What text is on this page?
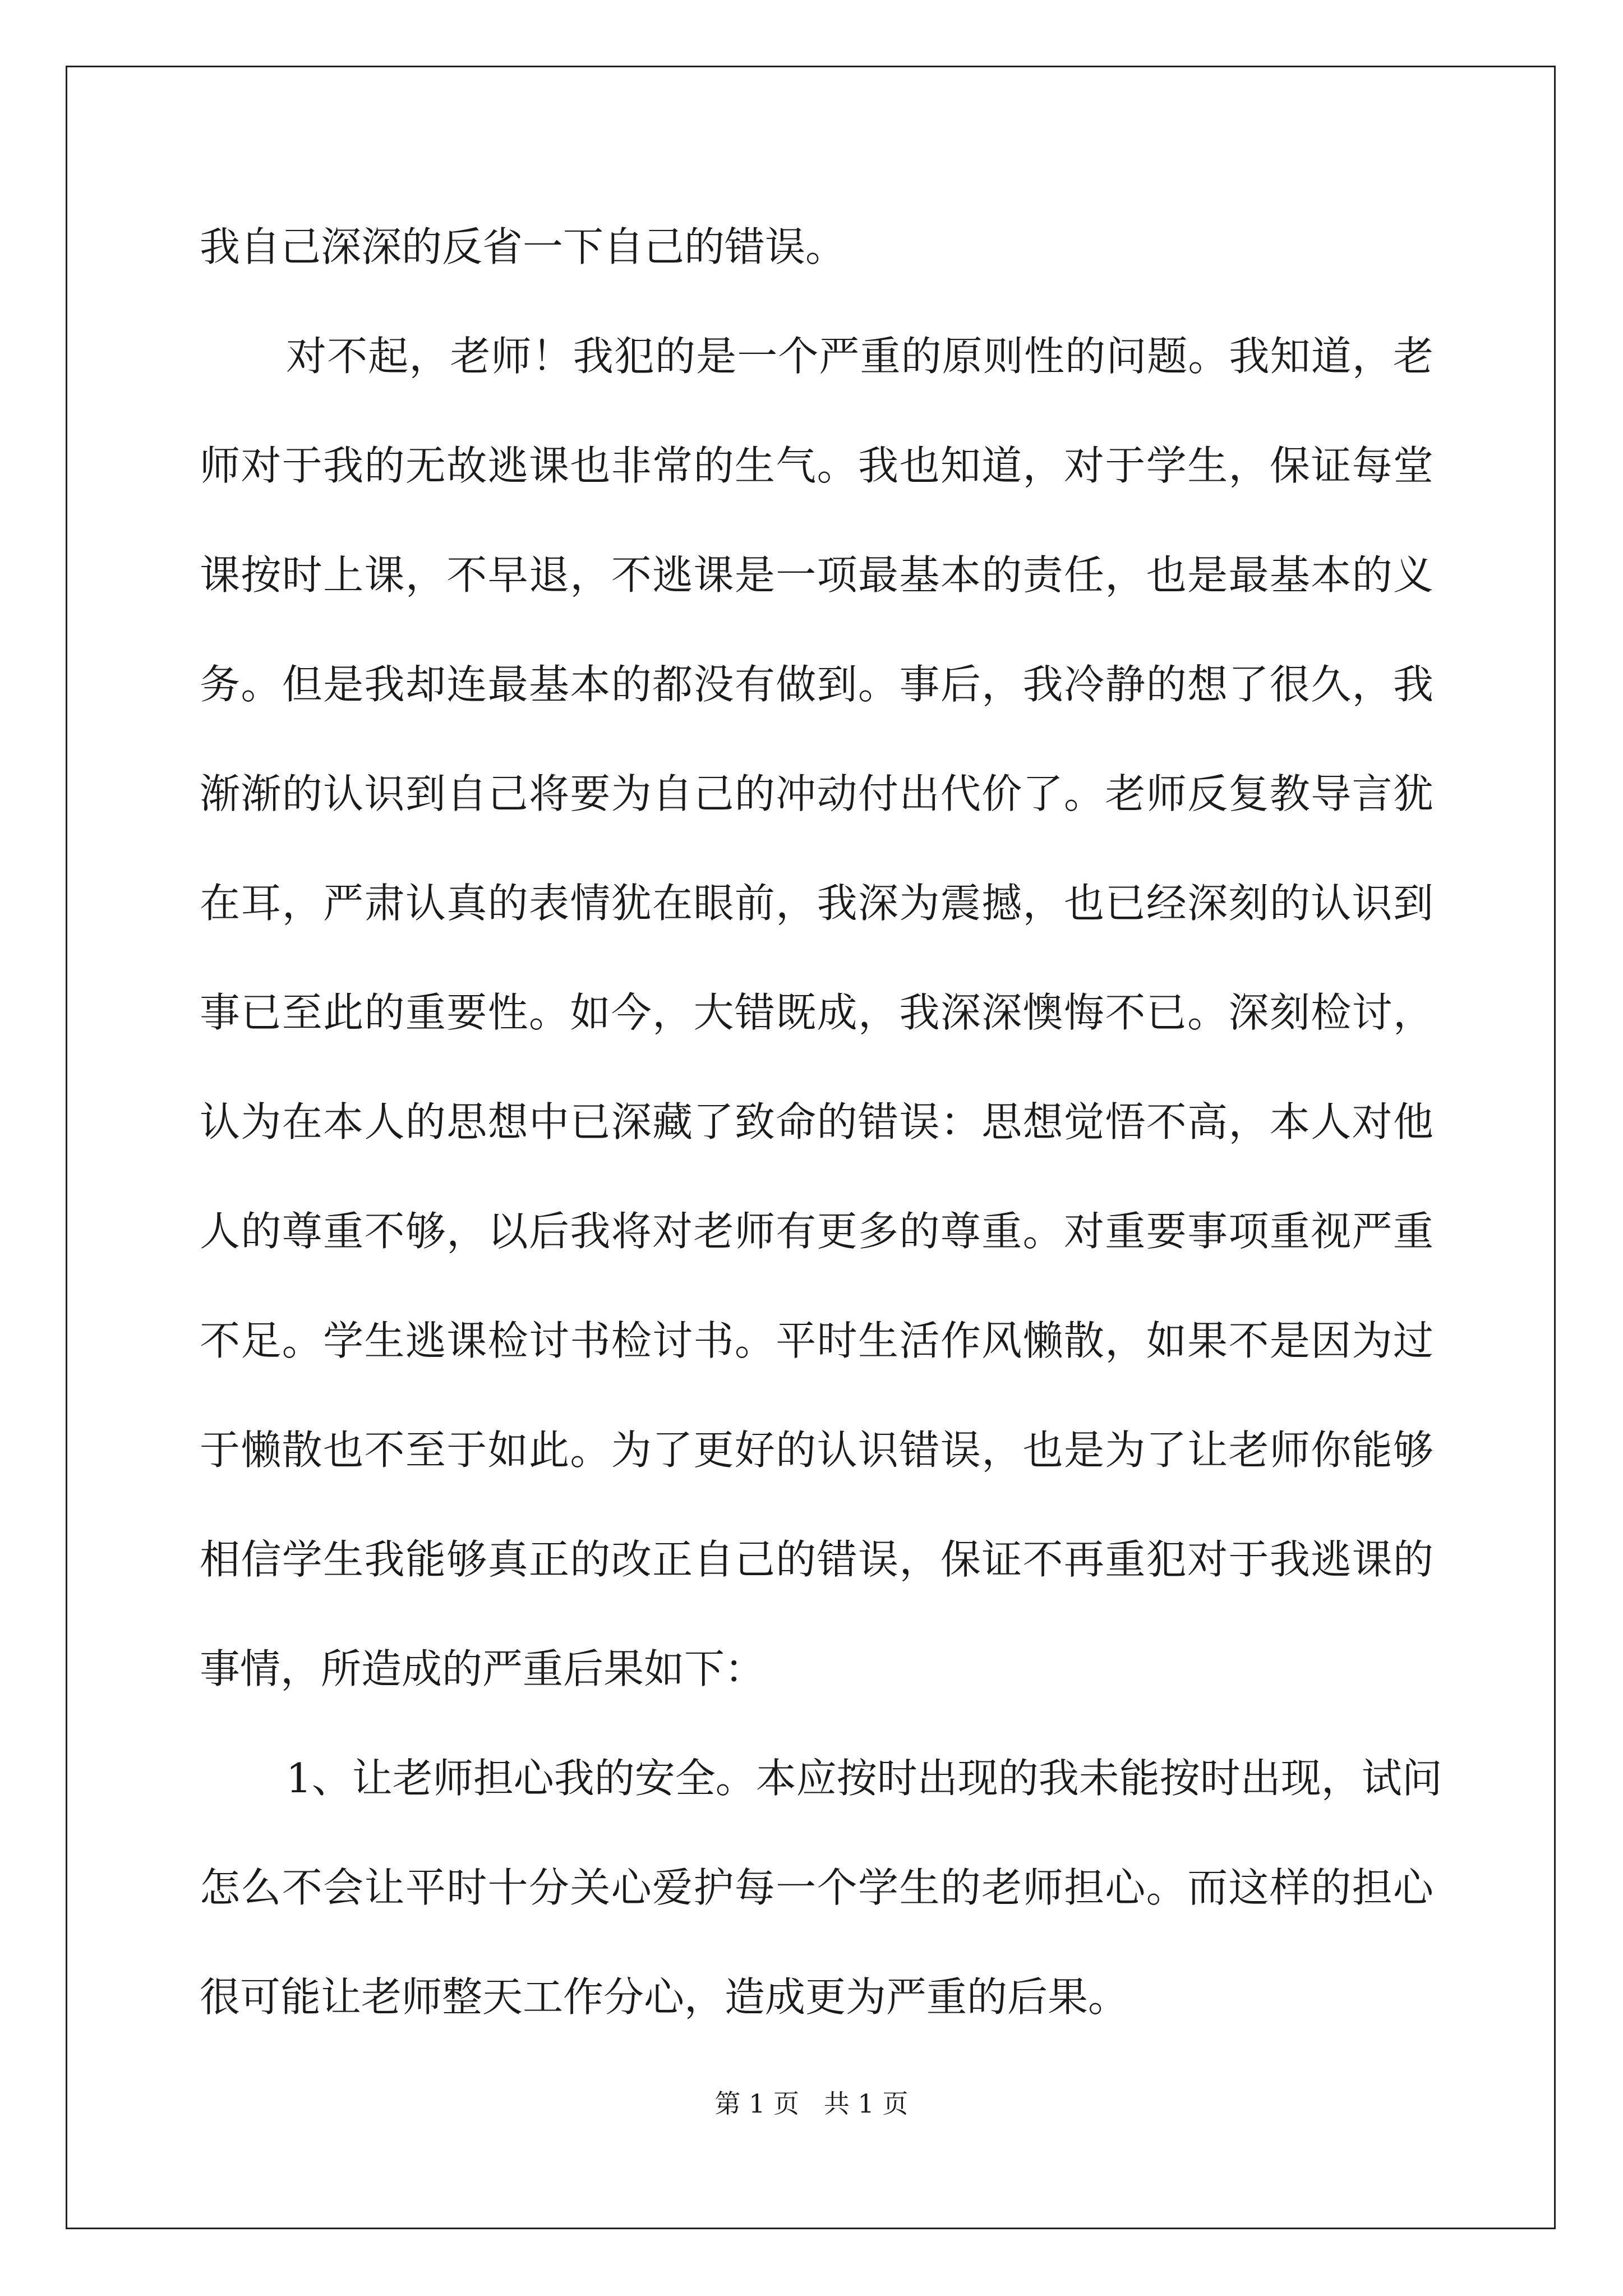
我自己深深的反省一下自己的错误。
对不起，老师！我犯的是一个严重的原则性的问题。我知道，老
师对于我的无故逃课也非常的生气。我也知道，对于学生，保证每堂
课按时上课，不早退，不逃课是一项最基本的责任，也是最基本的义
务。但是我却连最基本的都没有做到。事后，我冷静的想了很久，我
渐渐的认识到自己将要为自己的冲动付出代价了。老师反复教导言犹
在耳，严肃认真的表情犹在眼前，我深为震撼，也已经深刻的认识到
事已至此的重要性。如今，大错既成，我深深懊悔不已。深刻检讨，
认为在本人的思想中已深藏了致命的错误：思想觉悟不高，本人对他
人的尊重不够，以后我将对老师有更多的尊重。对重要事项重视严重
不足。学生逃课检讨书检讨书。平时生活作风懒散，如果不是因为过
于懒散也不至于如此。为了更好的认识错误，也是为了让老师你能够
相信学生我能够真正的改正自己的错误，保证不再重犯对于我逃课的
事情，所造成的严重后果如下：
1、让老师担心我的安全。本应按时出现的我未能按时出现，试问
怎么不会让平时十分关心爱护每一个学生的老师担心。而这样的担心
很可能让老师整天工作分心，造成更为严重的后果。
第 1 页   共 1 页
